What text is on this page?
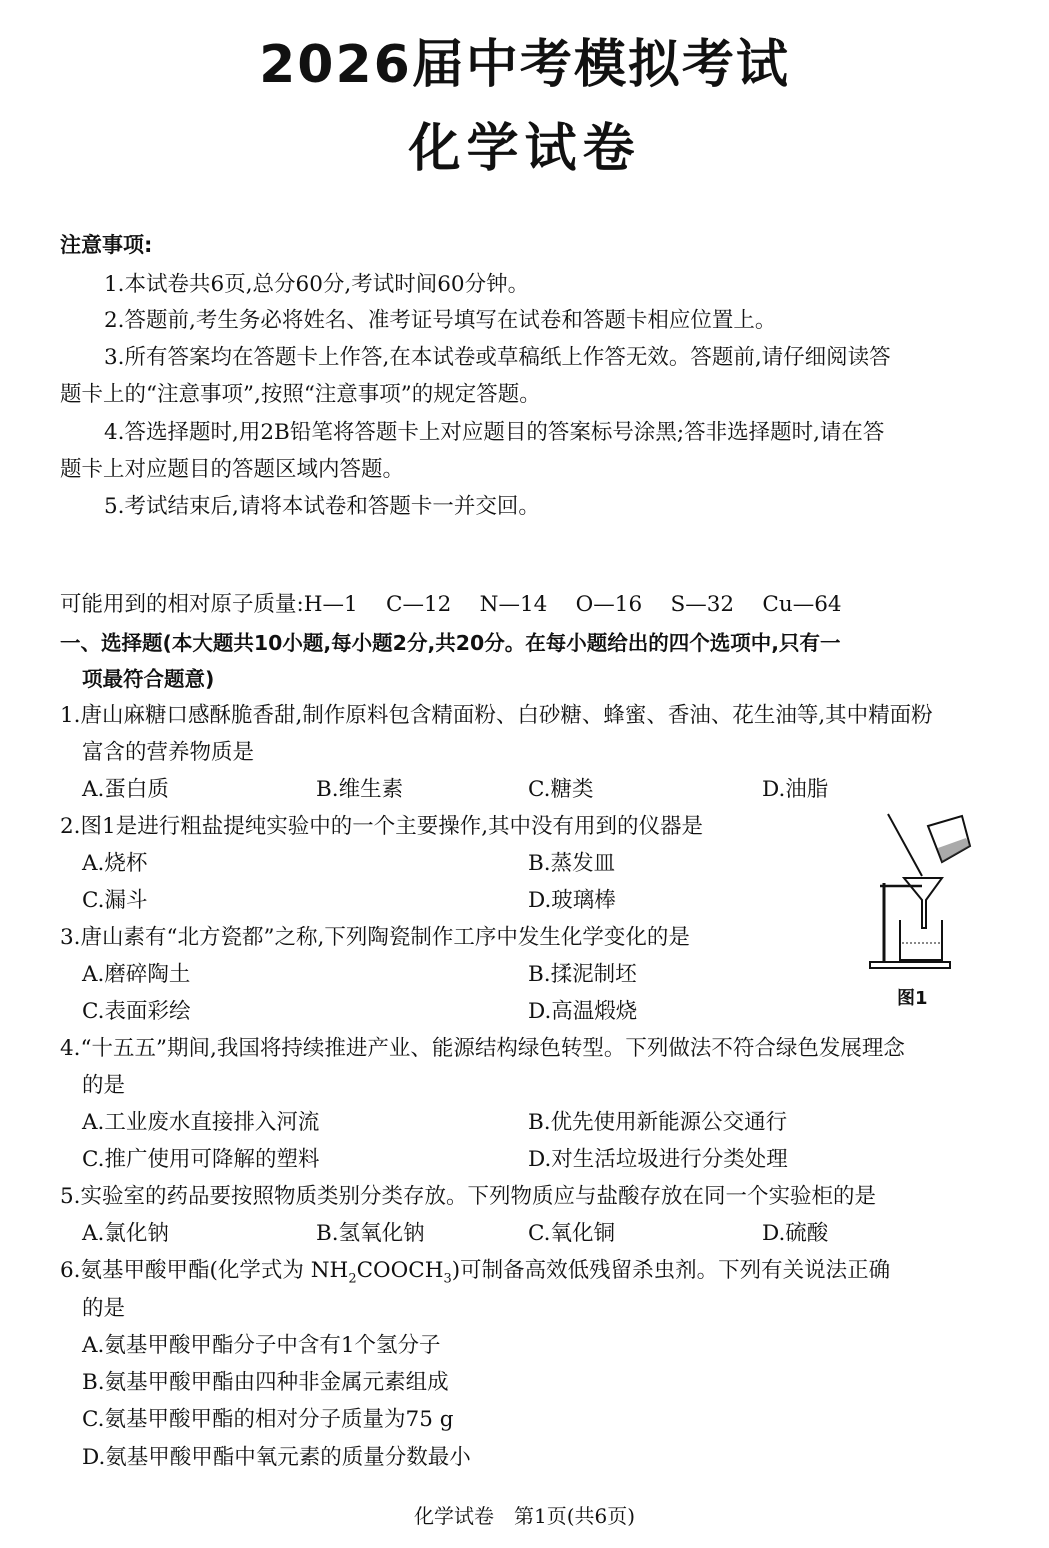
2026届中考模拟考试
化学试卷
注意事项:
1.本试卷共6页,总分60分,考试时间60分钟。
2.答题前,考生务必将姓名、准考证号填写在试卷和答题卡相应位置上。
3.所有答案均在答题卡上作答,在本试卷或草稿纸上作答无效。答题前,请仔细阅读答
题卡上的“注意事项”,按照“注意事项”的规定答题。
4.答选择题时,用2B铅笔将答题卡上对应题目的答案标号涂黑;答非选择题时,请在答
题卡上对应题目的答题区域内答题。
5.考试结束后,请将本试卷和答题卡一并交回。
可能用到的相对原子质量:H—1　 C—12　 N—14　 O—16　 S—32　 Cu—64
一、选择题(本大题共10小题,每小题2分,共20分。在每小题给出的四个选项中,只有一
项最符合题意)
1.唐山麻糖口感酥脆香甜,制作原料包含精面粉、白砂糖、蜂蜜、香油、花生油等,其中精面粉
富含的营养物质是
A.蛋白质	B.维生素	C.糖类	D.油脂
2.图1是进行粗盐提纯实验中的一个主要操作,其中没有用到的仪器是
A.烧杯	B.蒸发皿
C.漏斗	D.玻璃棒
3.唐山素有“北方瓷都”之称,下列陶瓷制作工序中发生化学变化的是
A.磨碎陶土	B.揉泥制坯
C.表面彩绘	D.高温煅烧
图1
4.“十五五”期间,我国将持续推进产业、能源结构绿色转型。下列做法不符合绿色发展理念
的是
A.工业废水直接排入河流	B.优先使用新能源公交通行
C.推广使用可降解的塑料	D.对生活垃圾进行分类处理
5.实验室的药品要按照物质类别分类存放。下列物质应与盐酸存放在同一个实验柜的是
A.氯化钠	B.氢氧化钠	C.氧化铜	D.硫酸
6.氨基甲酸甲酯(化学式为 $NH_2COOCH_3$)可制备高效低残留杀虫剂。下列有关说法正确
的是
A.氨基甲酸甲酯分子中含有1个氢分子
B.氨基甲酸甲酯由四种非金属元素组成
C.氨基甲酸甲酯的相对分子质量为75 g
D.氨基甲酸甲酯中氧元素的质量分数最小
化学试卷　第1页(共6页)
